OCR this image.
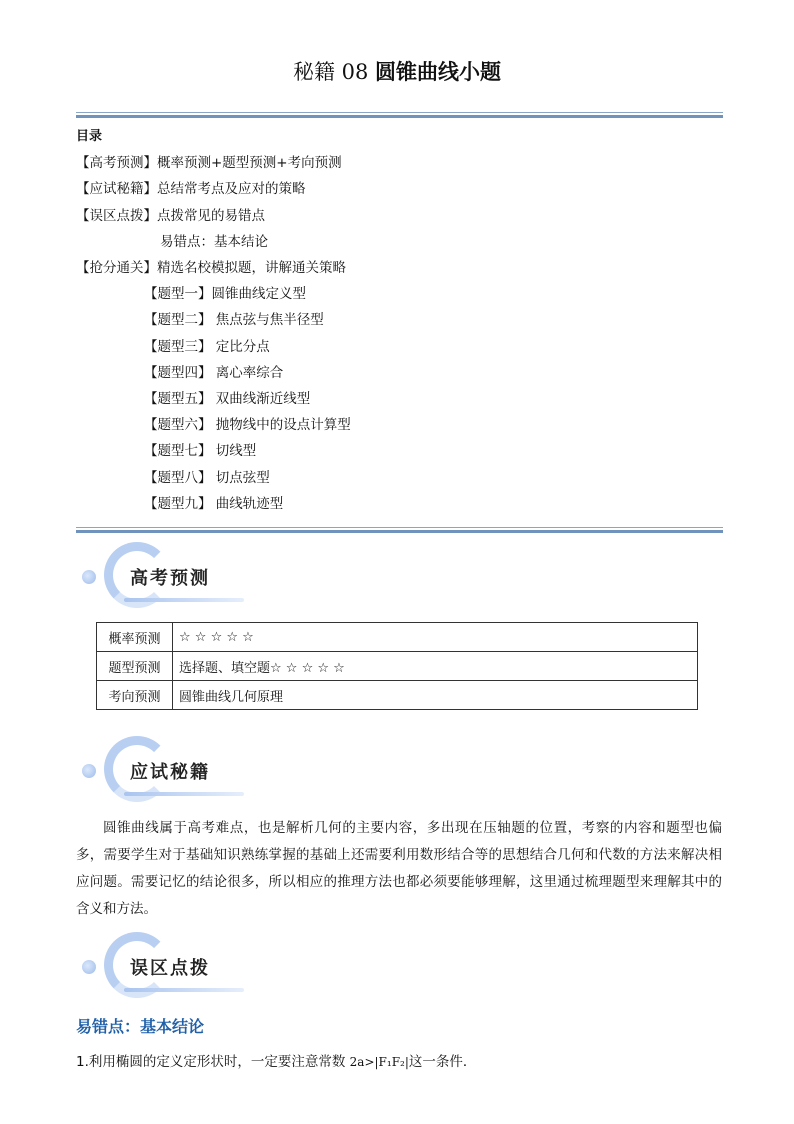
秘籍 08 圆锥曲线小题
目录
【高考预测】概率预测+题型预测+考向预测
【应试秘籍】总结常考点及应对的策略
【误区点拨】点拨常见的易错点
易错点：基本结论
【抢分通关】精选名校模拟题，讲解通关策略
【题型一】圆锥曲线定义型
【题型二】 焦点弦与焦半径型
【题型三】 定比分点
【题型四】 离心率综合
【题型五】 双曲线渐近线型
【题型六】 抛物线中的设点计算型
【题型七】 切线型
【题型八】 切点弦型
【题型九】 曲线轨迹型
高考预测
概率预测	☆ ☆ ☆ ☆ ☆
题型预测	选择题、填空题☆ ☆ ☆ ☆ ☆
考向预测	圆锥曲线几何原理
应试秘籍

圆锥曲线属于高考难点，也是解析几何的主要内容，多出现在压轴题的位置，考察的内容和题型也偏多，需要学生对于基础知识熟练掌握的基础上还需要利用数形结合等的思想结合几何和代数的方法来解决相应问题。需要记忆的结论很多，所以相应的推理方法也都必须要能够理解，这里通过梳理题型来理解其中的含义和方法。

误区点拨
易错点：基本结论
1.利用椭圆的定义定形状时，一定要注意常数 2a>|F₁F₂|这一条件．
